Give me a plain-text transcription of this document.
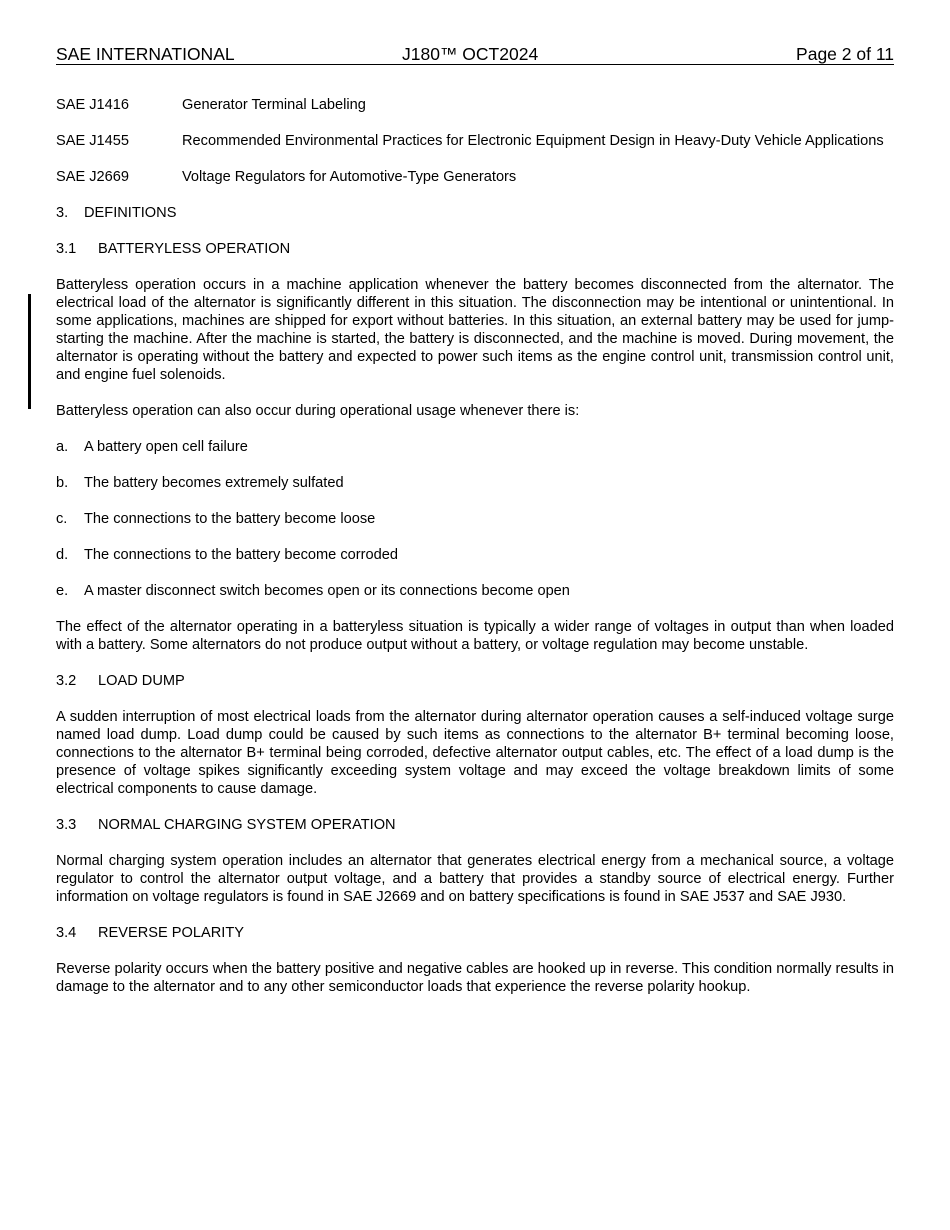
SAE INTERNATIONAL	J180™ OCT2024	Page 2 of 11
SAE J1416	Generator Terminal Labeling
SAE J1455	Recommended Environmental Practices for Electronic Equipment Design in Heavy-Duty Vehicle Applications
SAE J2669	Voltage Regulators for Automotive-Type Generators
3. DEFINITIONS
3.1 BATTERYLESS OPERATION

Batteryless operation occurs in a machine application whenever the battery becomes disconnected from the alternator. The electrical load of the alternator is significantly different in this situation. The disconnection may be intentional or unintentional. In some applications, machines are shipped for export without batteries. In this situation, an external battery may be used for jump-starting the machine. After the machine is started, the battery is disconnected, and the machine is moved. During movement, the alternator is operating without the battery and expected to power such items as the engine control unit, transmission control unit, and engine fuel solenoids.

Batteryless operation can also occur during operational usage whenever there is:

a.	A battery open cell failure
b.	The battery becomes extremely sulfated
c.	The connections to the battery become loose
d.	The connections to the battery become corroded
e.	A master disconnect switch becomes open or its connections become open

The effect of the alternator operating in a batteryless situation is typically a wider range of voltages in output than when loaded with a battery. Some alternators do not produce output without a battery, or voltage regulation may become unstable.

3.2 LOAD DUMP

A sudden interruption of most electrical loads from the alternator during alternator operation causes a self-induced voltage surge named load dump. Load dump could be caused by such items as connections to the alternator B+ terminal becoming loose, connections to the alternator B+ terminal being corroded, defective alternator output cables, etc. The effect of a load dump is the presence of voltage spikes significantly exceeding system voltage and may exceed the voltage breakdown limits of some electrical components to cause damage.

3.3 NORMAL CHARGING SYSTEM OPERATION

Normal charging system operation includes an alternator that generates electrical energy from a mechanical source, a voltage regulator to control the alternator output voltage, and a battery that provides a standby source of electrical energy. Further information on voltage regulators is found in SAE J2669 and on battery specifications is found in SAE J537 and SAE J930.

3.4 REVERSE POLARITY

Reverse polarity occurs when the battery positive and negative cables are hooked up in reverse. This condition normally results in damage to the alternator and to any other semiconductor loads that experience the reverse polarity hookup.
